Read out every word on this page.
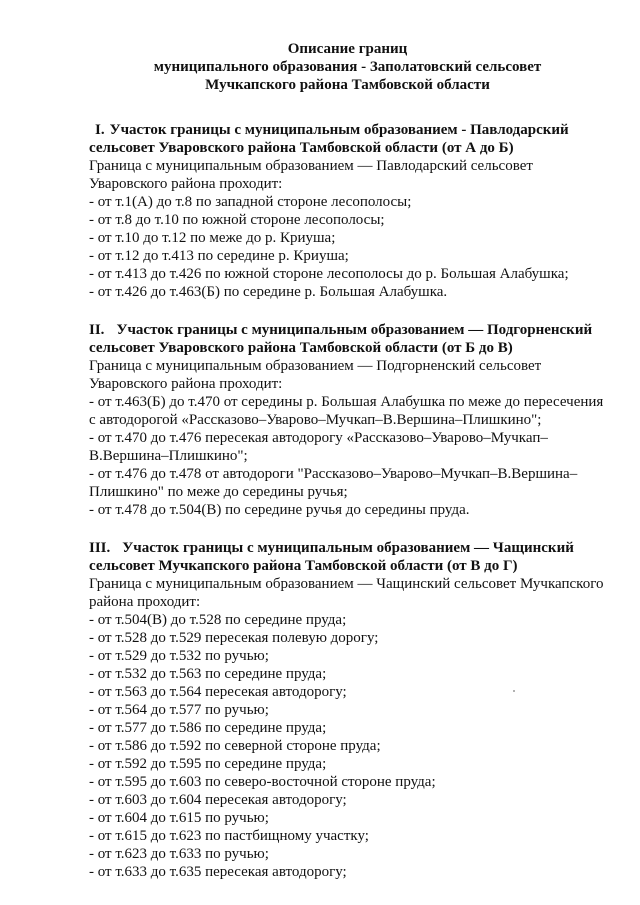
Описание границ
муниципального образования - Заполатовский сельсовет
Мучкапского района Тамбовской области
I. Участок границы с муниципальным образованием - Павлодарский сельсовет Уваровского района Тамбовской области (от А до Б)
Граница с муниципальным образованием — Павлодарский сельсовет Уваровского района проходит:
- от т.1(А) до т.8 по западной стороне лесополосы;
- от т.8 до т.10 по южной стороне лесополосы;
- от т.10 до т.12 по меже до р. Криуша;
- от т.12 до т.413 по середине р. Криуша;
- от т.413 до т.426 по южной стороне лесополосы до р. Большая Алабушка;
- от т.426 до т.463(Б) по середине р. Большая Алабушка.
II. Участок границы с муниципальным образованием — Подгорненский сельсовет Уваровского района Тамбовской области (от Б до В)
Граница с муниципальным образованием — Подгорненский сельсовет Уваровского района проходит:
- от т.463(Б) до т.470 от середины р. Большая Алабушка по меже до пересечения с автодорогой «Рассказово–Уварово–Мучкап–В.Вершина–Плишкино";
- от т.470 до т.476 пересекая автодорогу «Рассказово–Уварово–Мучкап–В.Вершина–Плишкино";
- от т.476 до т.478 от автодороги "Рассказово–Уварово–Мучкап–В.Вершина–Плишкино" по меже до середины ручья;
- от т.478 до т.504(В) по середине ручья до середины пруда.
III. Участок границы с муниципальным образованием — Чащинский сельсовет Мучкапского района Тамбовской области (от В до Г)
Граница с муниципальным образованием — Чащинский сельсовет Мучкапского района проходит:
- от т.504(В) до т.528 по середине пруда;
- от т.528 до т.529 пересекая полевую дорогу;
- от т.529 до т.532 по ручью;
- от т.532 до т.563 по середине пруда;
- от т.563 до т.564 пересекая автодорогу;
- от т.564 до т.577 по ручью;
- от т.577 до т.586 по середине пруда;
- от т.586 до т.592 по северной стороне пруда;
- от т.592 до т.595 по середине пруда;
- от т.595 до т.603 по северо-восточной стороне пруда;
- от т.603 до т.604 пересекая автодорогу;
- от т.604 до т.615 по ручью;
- от т.615 до т.623 по пастбищному участку;
- от т.623 до т.633 по ручью;
- от т.633 до т.635 пересекая автодорогу;
